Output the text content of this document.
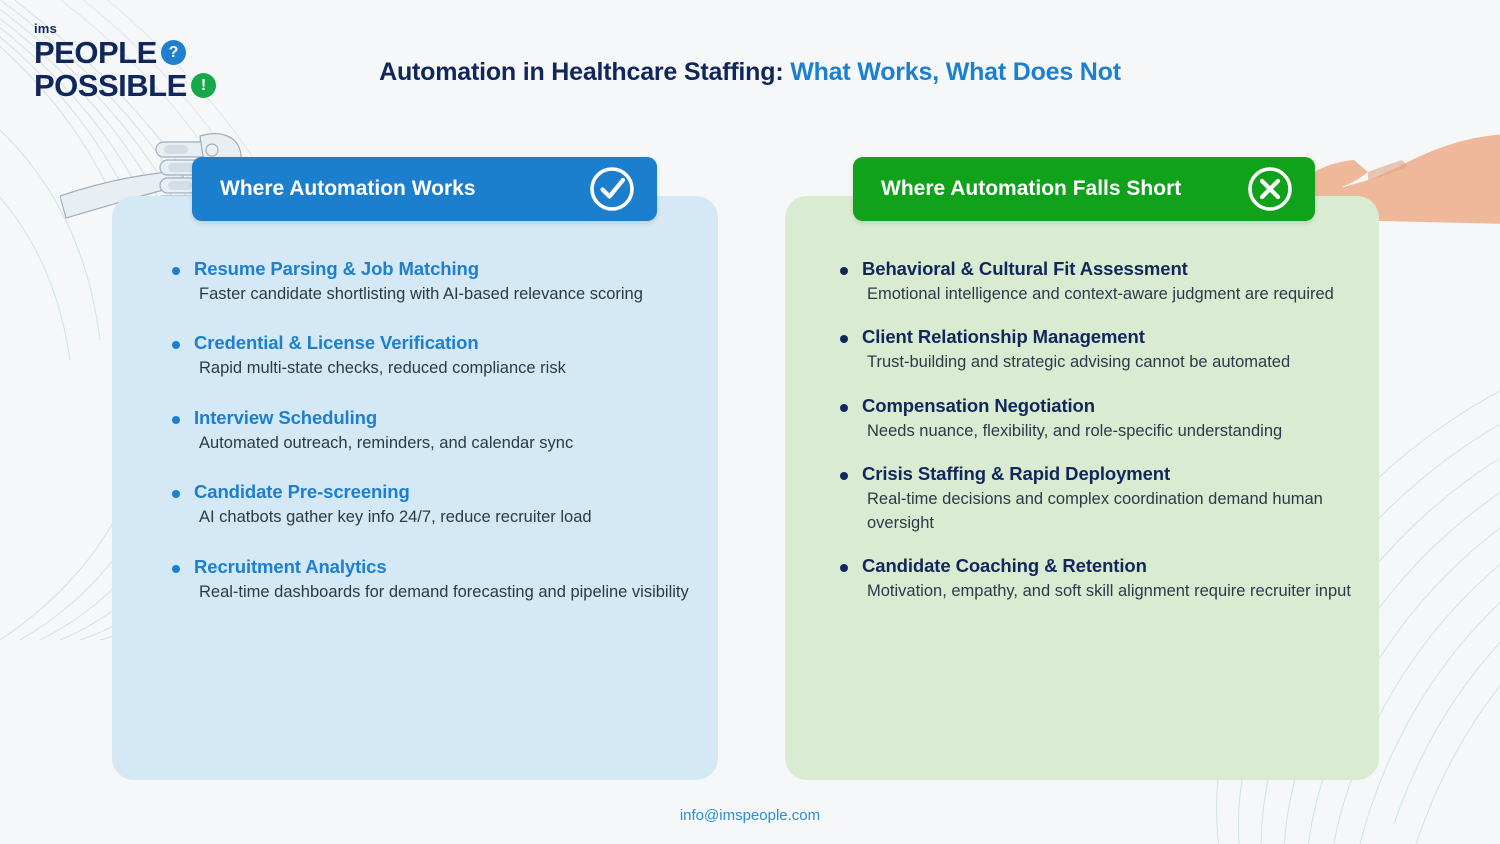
ims
PEOPLE ?
POSSIBLE !	Automation in Healthcare Staffing: What Works, What Does Not
Where Automation Works
Resume Parsing & Job Matching
Faster candidate shortlisting with AI-based relevance scoring
Credential & License Verification
Rapid multi-state checks, reduced compliance risk
Interview Scheduling
Automated outreach, reminders, and calendar sync
Candidate Pre-screening
AI chatbots gather key info 24/7, reduce recruiter load
Recruitment Analytics
Real-time dashboards for demand forecasting and pipeline visibility
Where Automation Falls Short
Behavioral & Cultural Fit Assessment
Emotional intelligence and context-aware judgment are required
Client Relationship Management
Trust-building and strategic advising cannot be automated
Compensation Negotiation
Needs nuance, flexibility, and role-specific understanding
Crisis Staffing & Rapid Deployment
Real-time decisions and complex coordination demand human oversight
Candidate Coaching & Retention
Motivation, empathy, and soft skill alignment require recruiter input
info@imspeople.com
